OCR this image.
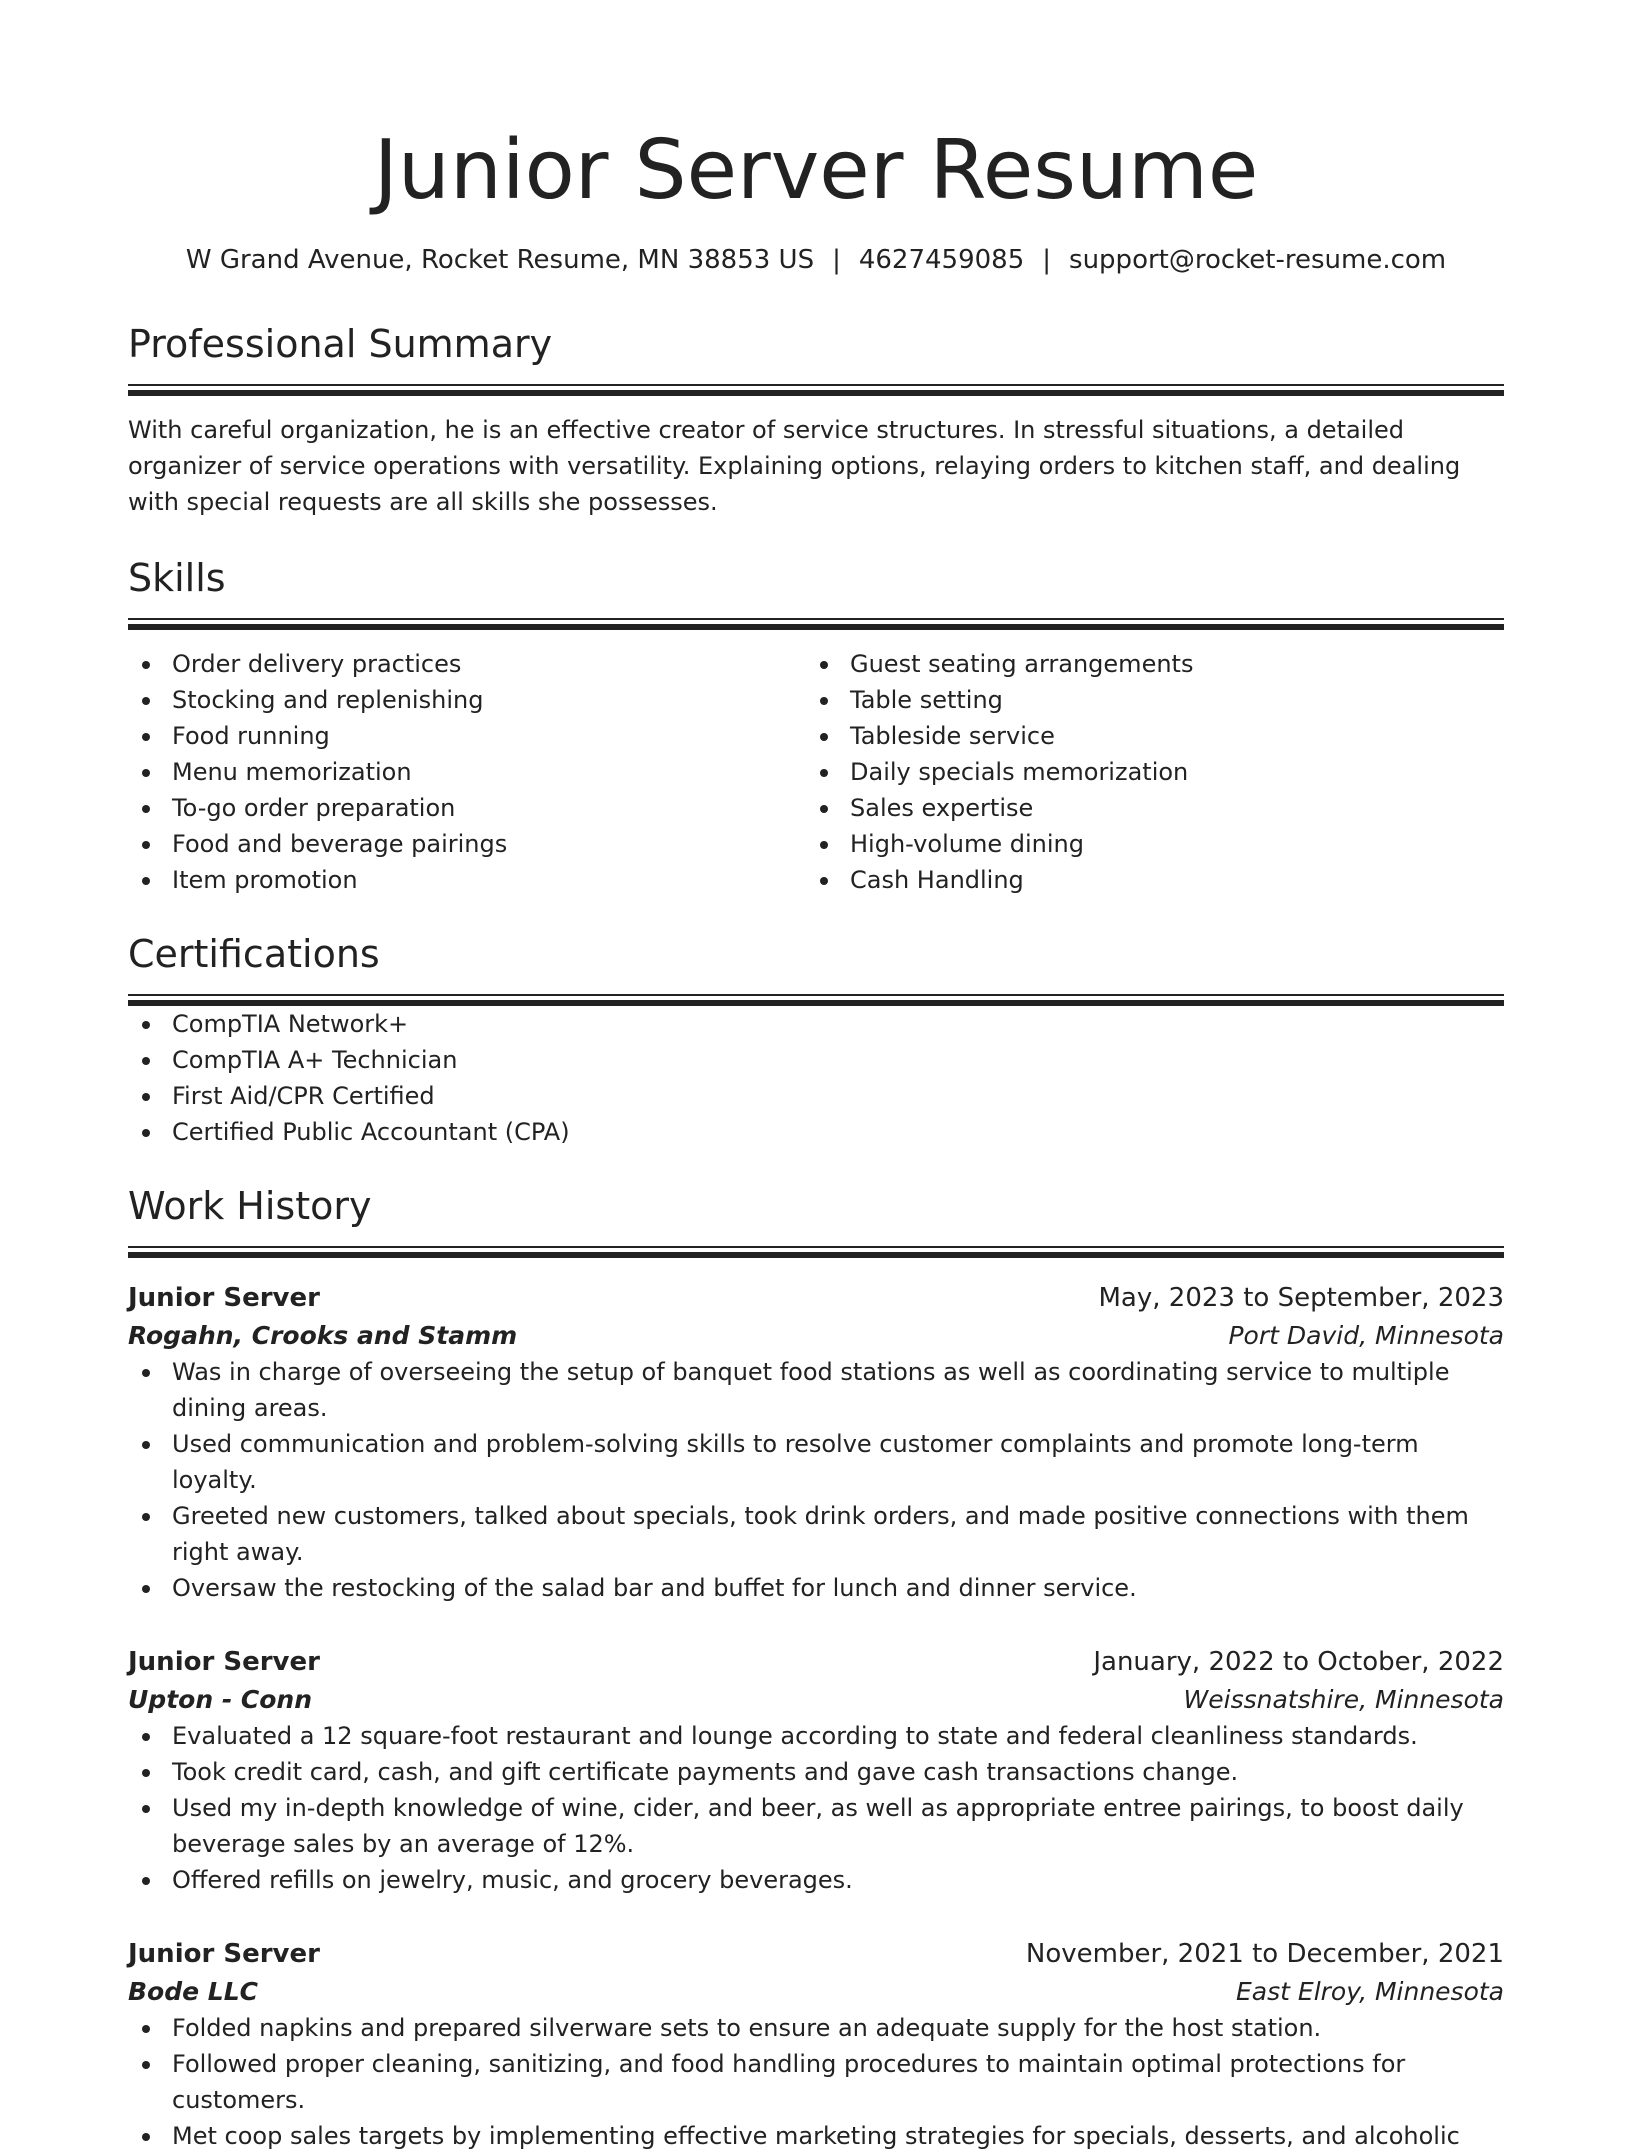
Junior Server Resume
W Grand Avenue, Rocket Resume, MN 38853 US | 4627459085 | support@rocket-resume.com
Professional Summary
With careful organization, he is an effective creator of service structures. In stressful situations, a detailed organizer of service operations with versatility. Explaining options, relaying orders to kitchen staff, and dealing with special requests are all skills she possesses.
Skills
Order delivery practices
Stocking and replenishing
Food running
Menu memorization
To-go order preparation
Food and beverage pairings
Item promotion
Guest seating arrangements
Table setting
Tableside service
Daily specials memorization
Sales expertise
High-volume dining
Cash Handling
Certifications
CompTIA Network+
CompTIA A+ Technician
First Aid/CPR Certified
Certified Public Accountant (CPA)
Work History
Junior Server	May, 2023 to September, 2023
Rogahn, Crooks and Stamm	Port David, Minnesota
Was in charge of overseeing the setup of banquet food stations as well as coordinating service to multiple dining areas.
Used communication and problem-solving skills to resolve customer complaints and promote long-term loyalty.
Greeted new customers, talked about specials, took drink orders, and made positive connections with them right away.
Oversaw the restocking of the salad bar and buffet for lunch and dinner service.
Junior Server	January, 2022 to October, 2022
Upton - Conn	Weissnatshire, Minnesota
Evaluated a 12 square-foot restaurant and lounge according to state and federal cleanliness standards.
Took credit card, cash, and gift certificate payments and gave cash transactions change.
Used my in-depth knowledge of wine, cider, and beer, as well as appropriate entree pairings, to boost daily beverage sales by an average of 12%.
Offered refills on jewelry, music, and grocery beverages.
Junior Server	November, 2021 to December, 2021
Bode LLC	East Elroy, Minnesota
Folded napkins and prepared silverware sets to ensure an adequate supply for the host station.
Followed proper cleaning, sanitizing, and food handling procedures to maintain optimal protections for customers.
Met coop sales targets by implementing effective marketing strategies for specials, desserts, and alcoholic
